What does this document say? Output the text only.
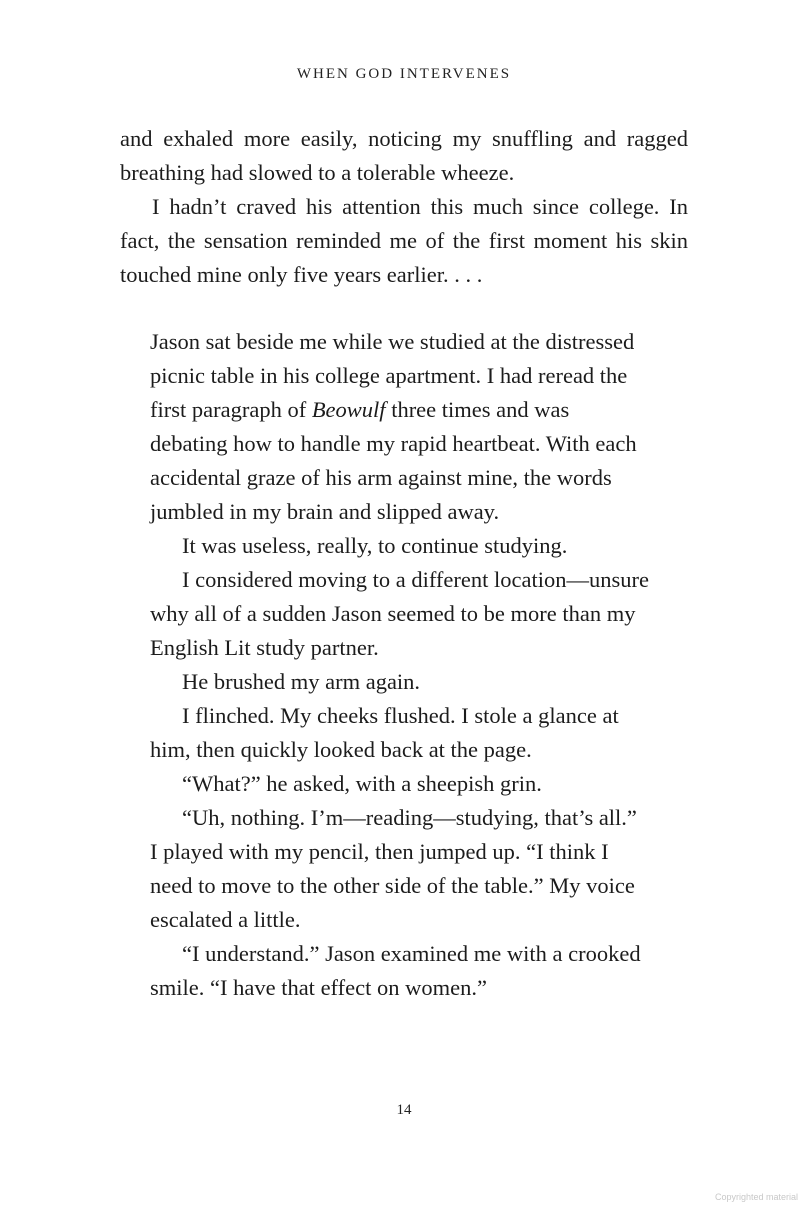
WHEN GOD INTERVENES

and exhaled more easily, noticing my snuffling and ragged breathing had slowed to a tolerable wheeze.

I hadn’t craved his attention this much since college. In fact, the sensation reminded me of the first moment his skin touched mine only five years earlier. . . .

Jason sat beside me while we studied at the distressed picnic table in his college apartment. I had reread the first paragraph of Beowulf three times and was debating how to handle my rapid heartbeat. With each accidental graze of his arm against mine, the words jumbled in my brain and slipped away.

It was useless, really, to continue studying.

I considered moving to a different location—unsure why all of a sudden Jason seemed to be more than my English Lit study partner.

He brushed my arm again.

I flinched. My cheeks flushed. I stole a glance at him, then quickly looked back at the page.

“What?” he asked, with a sheepish grin.

“Uh, nothing. I’m—reading—studying, that’s all.” I played with my pencil, then jumped up. “I think I need to move to the other side of the table.” My voice escalated a little.

“I understand.” Jason examined me with a crooked smile. “I have that effect on women.”

14
Copyrighted material
